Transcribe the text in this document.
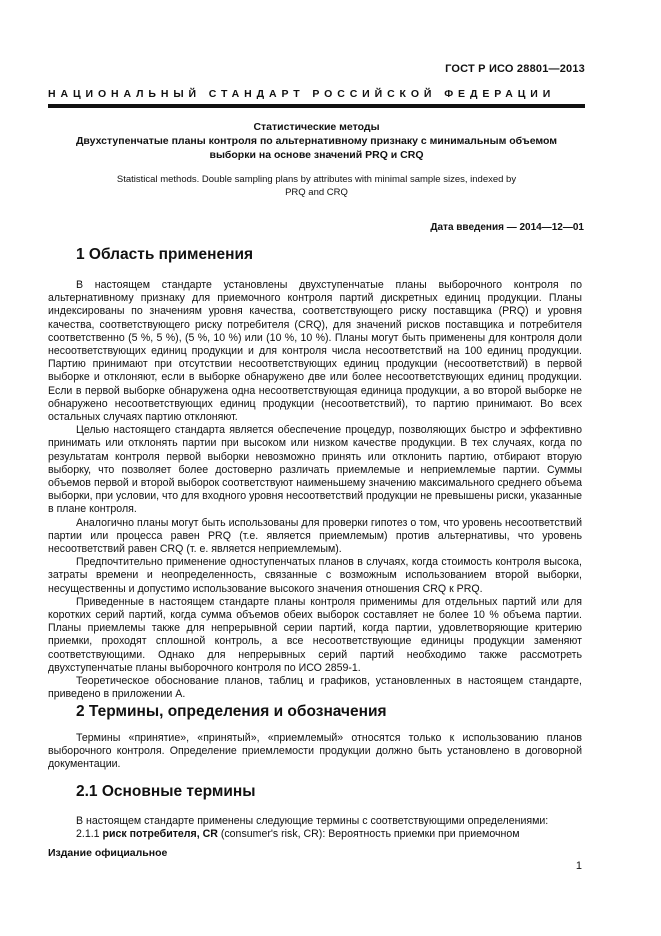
ГОСТ Р ИСО 28801—2013
НАЦИОНАЛЬНЫЙ СТАНДАРТ РОССИЙСКОЙ ФЕДЕРАЦИИ
Статистические методы
Двухступенчатые планы контроля по альтернативному признаку с минимальным объемом
выборки на основе значений PRQ и CRQ
Statistical methods. Double sampling plans by attributes with minimal sample sizes, indexed by
PRQ and CRQ
Дата введения — 2014—12—01
1 Область применения

В настоящем стандарте установлены двухступенчатые планы выборочного контроля по альтернативному признаку для приемочного контроля партий дискретных единиц продукции. Планы индексированы по значениям уровня качества, соответствующего риску поставщика (PRQ) и уровня качества, соответствующего риску потребителя (CRQ), для значений рисков поставщика и потребителя соответственно (5 %, 5 %), (5 %, 10 %) или (10 %, 10 %). Планы могут быть применены для контроля доли несоответствующих единиц продукции и для контроля числа несоответствий на 100 единиц продукции. Партию принимают при отсутствии несоответствующих единиц продукции (несоответствий) в первой выборке и отклоняют, если в выборке обнаружено две или более несоответствующих единиц продукции. Если в первой выборке обнаружена одна несоответствующая единица продукции, а во второй выборке не обнаружено несоответствующих единиц продукции (несоответствий), то партию принимают. Во всех остальных случаях партию отклоняют.

Целью настоящего стандарта является обеспечение процедур, позволяющих быстро и эффективно принимать или отклонять партии при высоком или низком качестве продукции. В тех случаях, когда по результатам контроля первой выборки невозможно принять или отклонить партию, отбирают вторую выборку, что позволяет более достоверно различать приемлемые и неприемлемые партии. Суммы объемов первой и второй выборок соответствуют наименьшему значению максимального среднего объема выборки, при условии, что для входного уровня несоответствий продукции не превышены риски, указанные в плане контроля.

Аналогично планы могут быть использованы для проверки гипотез о том, что уровень несоответствий партии или процесса равен PRQ (т.е. является приемлемым) против альтернативы, что уровень несоответствий равен CRQ (т. е. является неприемлемым).

Предпочтительно применение одноступенчатых планов в случаях, когда стоимость контроля высока, затраты времени и неопределенность, связанные с возможным использованием второй выборки, несущественны и допустимо использование высокого значения отношения CRQ к PRQ.

Приведенные в настоящем стандарте планы контроля применимы для отдельных партий или для коротких серий партий, когда сумма объемов обеих выборок составляет не более 10 % объема партии. Планы приемлемы также для непрерывной серии партий, когда партии, удовлетворяющие критерию приемки, проходят сплошной контроль, а все несоответствующие единицы продукции заменяют соответствующими. Однако для непрерывных серий партий необходимо также рассмотреть двухступенчатые планы выборочного контроля по ИСО 2859-1.

Теоретическое обоснование планов, таблиц и графиков, установленных в настоящем стандарте, приведено в приложении А.

2 Термины, определения и обозначения

Термины «принятие», «принятый», «приемлемый» относятся только к использованию планов выборочного контроля. Определение приемлемости продукции должно быть установлено в договорной документации.

2.1 Основные термины

В настоящем стандарте применены следующие термины с соответствующими определениями:

2.1.1 риск потребителя, CR (consumer's risk, CR): Вероятность приемки при приемочном

Издание официальное
1
